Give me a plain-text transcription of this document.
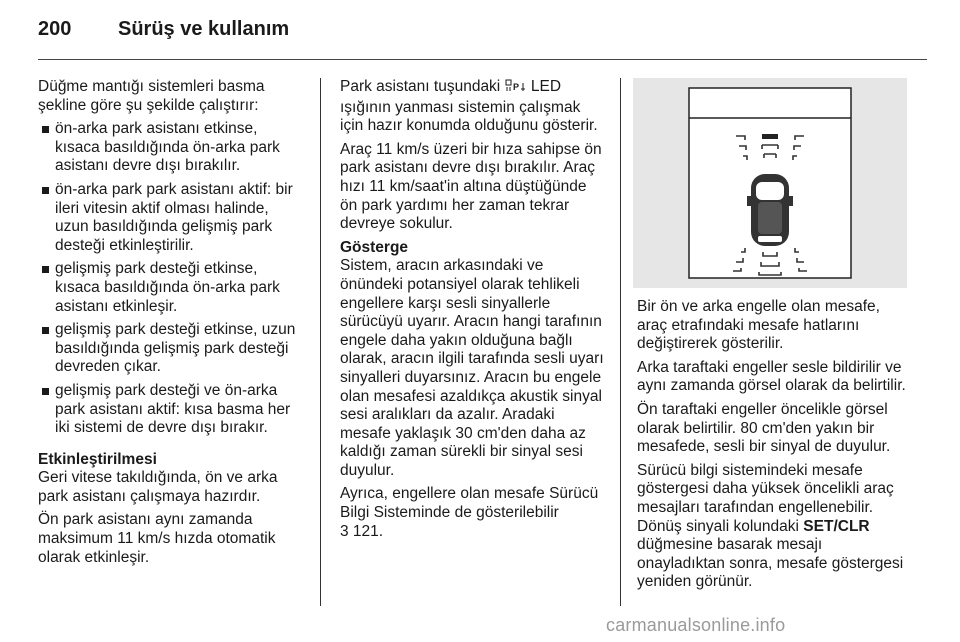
200 Sürüş ve kullanım

Düğme mantığı sistemleri basma şekline göre şu şekilde çalıştırır:

ön-arka park asistanı etkinse, kısaca basıldığında ön-arka park asistanı devre dışı bırakılır.
ön-arka park park asistanı aktif: bir ileri vitesin aktif olması halinde, uzun basıldığında gelişmiş park desteği etkinleştirilir.
gelişmiş park desteği etkinse, kısaca basıldığında ön-arka park asistanı etkinleşir.
gelişmiş park desteği etkinse, uzun basıldığında gelişmiş park desteği devreden çıkar.
gelişmiş park desteği ve ön-arka park asistanı aktif: kısa basma her iki sistemi de devre dışı bırakır.

Etkinleştirilmesi

Geri vitese takıldığında, ön ve arka park asistanı çalışmaya hazırdır.

Ön park asistanı aynı zamanda maksimum 11 km/s hızda otomatik olarak etkinleşir.

Park asistanı tuşundaki P LED ışığının yanması sistemin çalışmak için hazır konumda olduğunu gösterir.

Araç 11 km/s üzeri bir hıza sahipse ön park asistanı devre dışı bırakılır. Araç hızı 11 km/saat'in altına düştüğünde ön park yardımı her zaman tekrar devreye sokulur.

Gösterge

Sistem, aracın arkasındaki ve önündeki potansiyel olarak tehlikeli engellere karşı sesli sinyallerle sürücüyü uyarır. Aracın hangi tarafının engele daha yakın olduğuna bağlı olarak, aracın ilgili tarafında sesli uyarı sinyalleri duyarsınız. Aracın bu engele olan mesafesi azaldıkça akustik sinyal sesi aralıkları da azalır. Aradaki mesafe yaklaşık 30 cm'den daha az kaldığı zaman sürekli bir sinyal sesi duyulur.

Ayrıca, engellere olan mesafe Sürücü Bilgi Sisteminde de gösterilebilir
3 121.

Bir ön ve arka engelle olan mesafe, araç etrafındaki mesafe hatlarını değiştirerek gösterilir.

Arka taraftaki engeller sesle bildirilir ve aynı zamanda görsel olarak da belirtilir.

Ön taraftaki engeller öncelikle görsel olarak belirtilir. 80 cm'den yakın bir mesafede, sesli bir sinyal de duyulur.

Sürücü bilgi sistemindeki mesafe göstergesi daha yüksek öncelikli araç mesajları tarafından engellenebilir. Dönüş sinyali kolundaki SET/CLR düğmesine basarak mesajı onayladıktan sonra, mesafe göstergesi yeniden görünür.

carmanualsonline.info
